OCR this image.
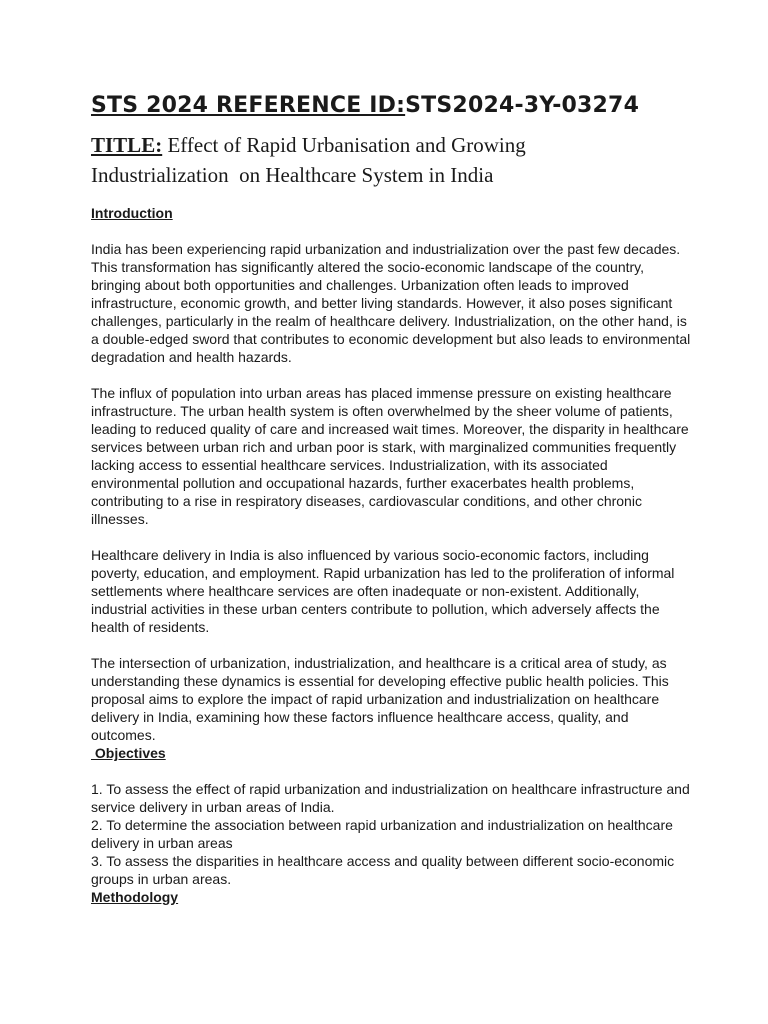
STS 2024 REFERENCE ID:STS2024-3Y-03274
TITLE: Effect of Rapid Urbanisation and Growing
Industrialization  on Healthcare System in India
Introduction

India has been experiencing rapid urbanization and industrialization over the past few decades. This transformation has significantly altered the socio-economic landscape of the country, bringing about both opportunities and challenges. Urbanization often leads to improved infrastructure, economic growth, and better living standards. However, it also poses significant challenges, particularly in the realm of healthcare delivery. Industrialization, on the other hand, is a double-edged sword that contributes to economic development but also leads to environmental degradation and health hazards.

The influx of population into urban areas has placed immense pressure on existing healthcare infrastructure. The urban health system is often overwhelmed by the sheer volume of patients, leading to reduced quality of care and increased wait times. Moreover, the disparity in healthcare services between urban rich and urban poor is stark, with marginalized communities frequently lacking access to essential healthcare services. Industrialization, with its associated environmental pollution and occupational hazards, further exacerbates health problems, contributing to a rise in respiratory diseases, cardiovascular conditions, and other chronic illnesses.

Healthcare delivery in India is also influenced by various socio-economic factors, including poverty, education, and employment. Rapid urbanization has led to the proliferation of informal settlements where healthcare services are often inadequate or non-existent. Additionally, industrial activities in these urban centers contribute to pollution, which adversely affects the health of residents.

The intersection of urbanization, industrialization, and healthcare is a critical area of study, as understanding these dynamics is essential for developing effective public health policies. This proposal aims to explore the impact of rapid urbanization and industrialization on healthcare delivery in India, examining how these factors influence healthcare access, quality, and outcomes.

Objectives
1. To assess the effect of rapid urbanization and industrialization on healthcare infrastructure and service delivery in urban areas of India.
2. To determine the association between rapid urbanization and industrialization on healthcare delivery in urban areas
3. To assess the disparities in healthcare access and quality between different socio-economic groups in urban areas.
Methodology
